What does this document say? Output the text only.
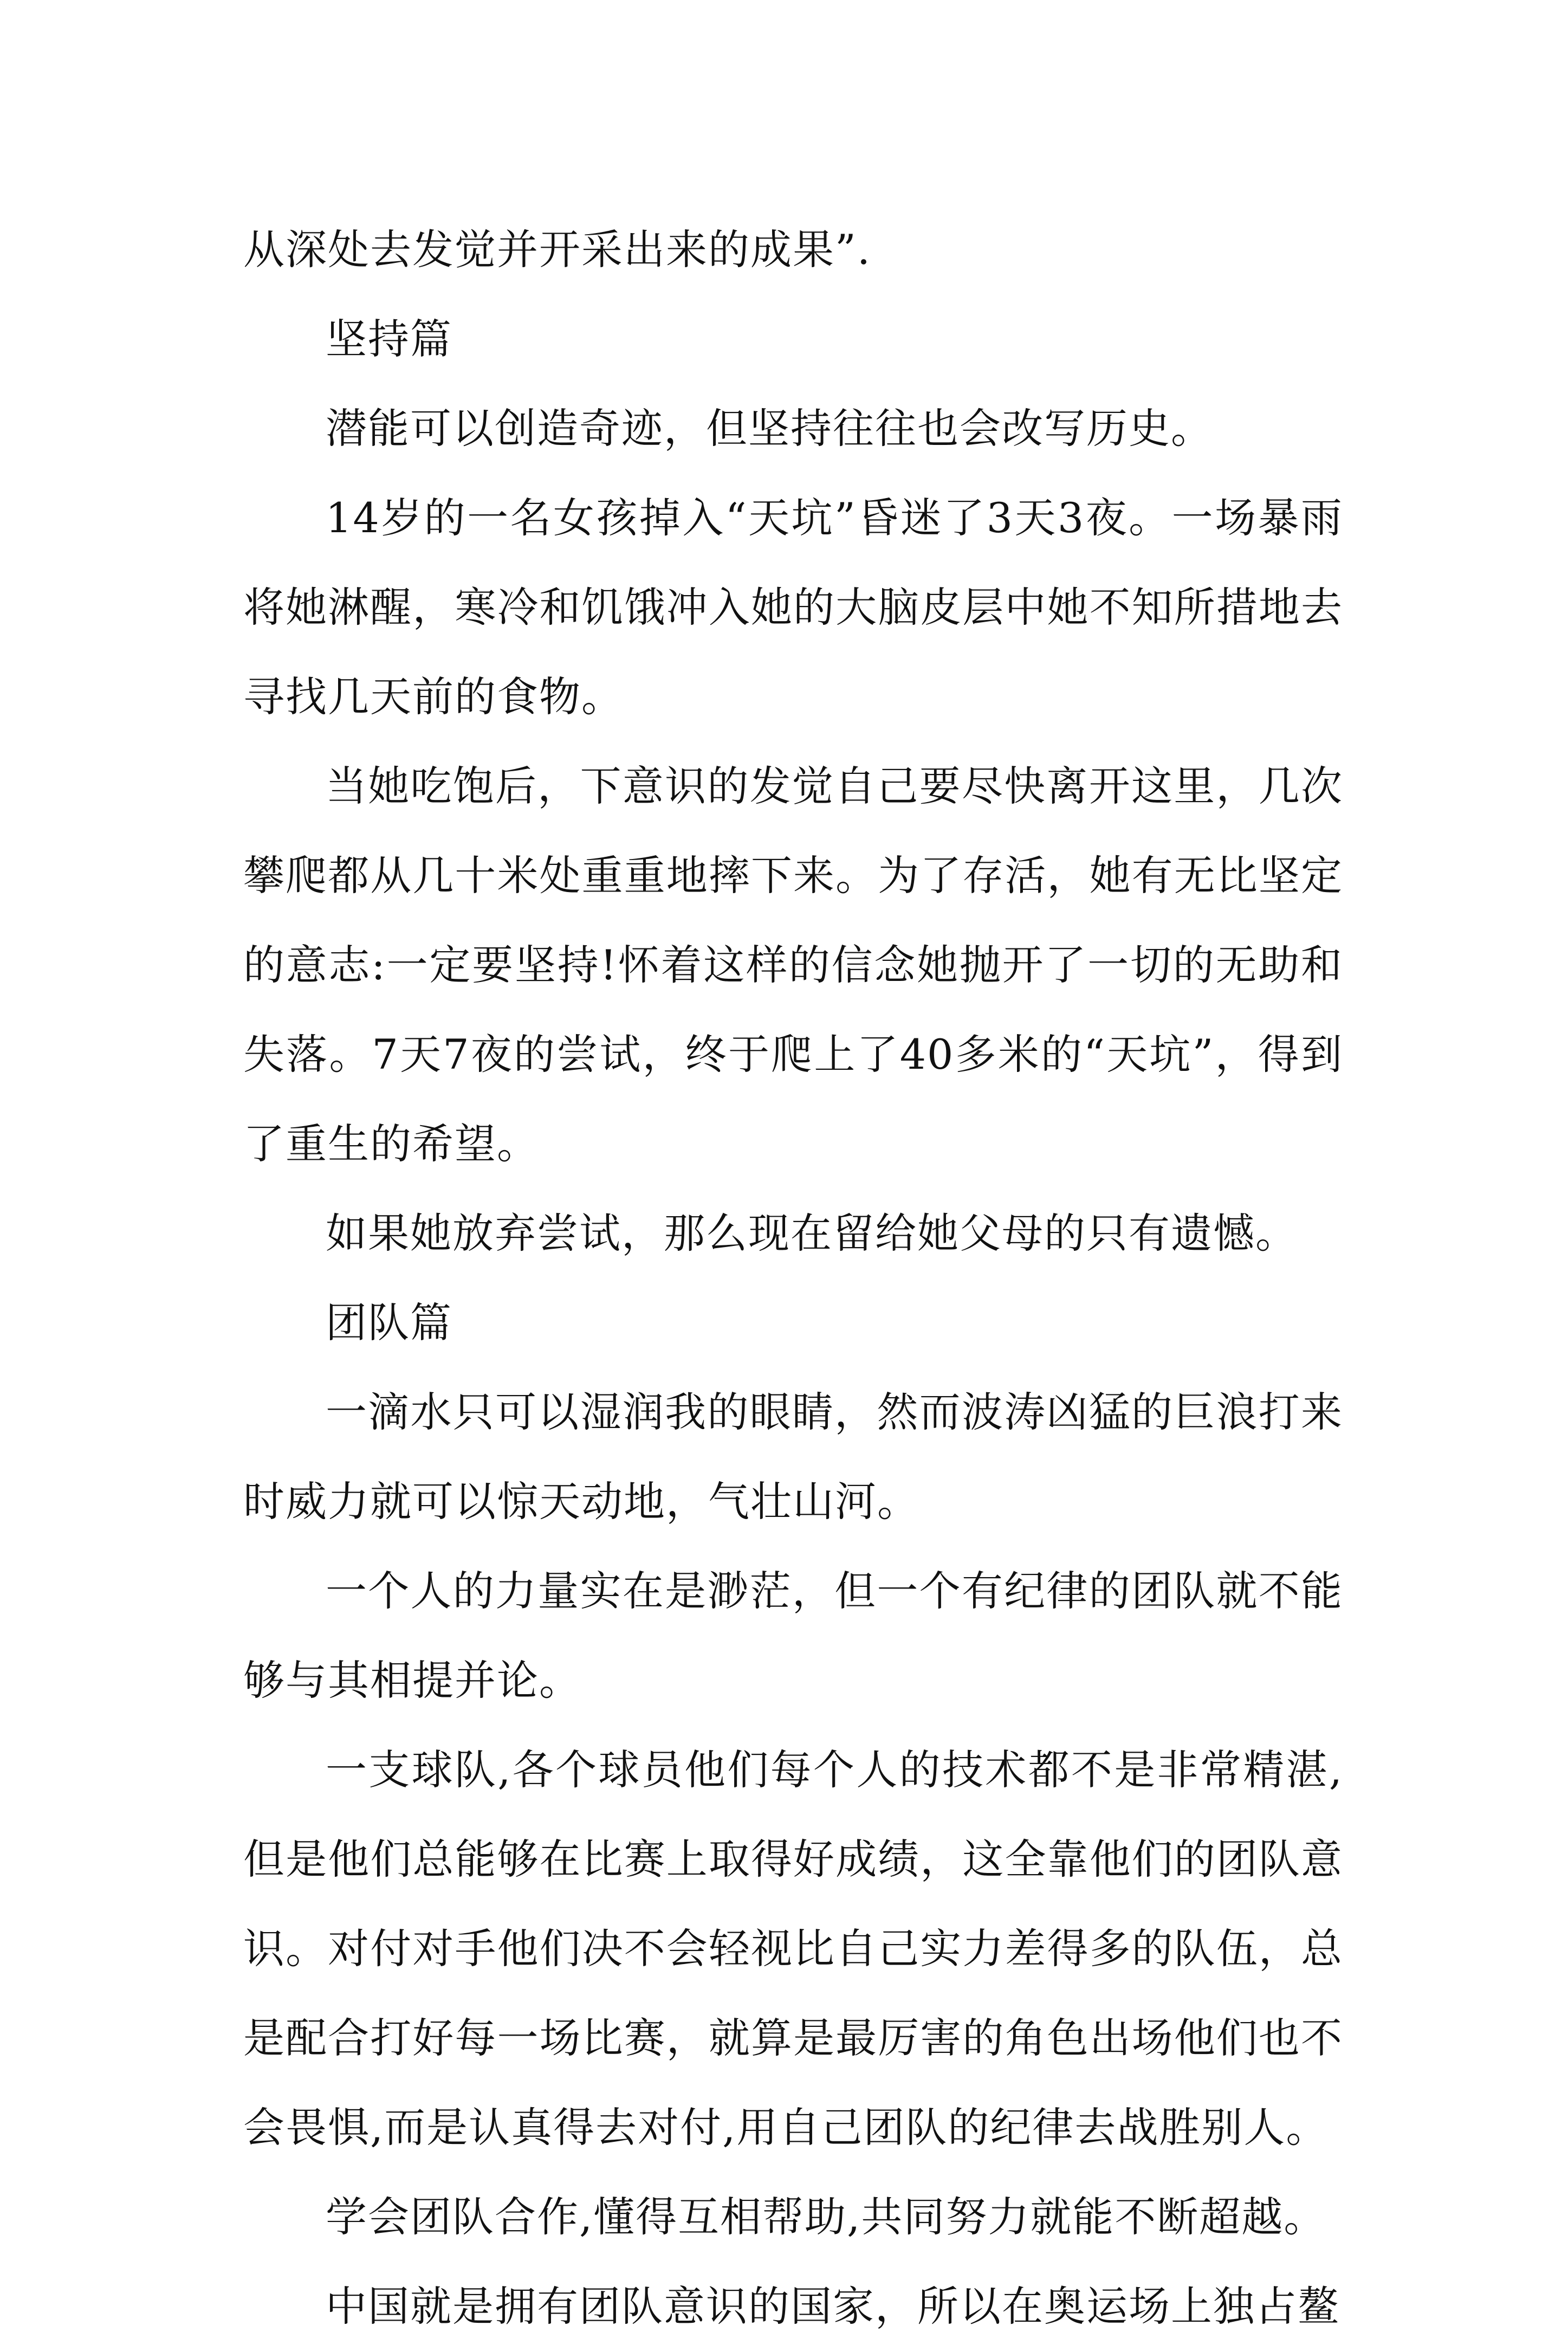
从深处去发觉并开采出来的成果”.

坚持篇

潜能可以创造奇迹，但坚持往往也会改写历史。

14岁的一名女孩掉入“天坑”昏迷了3天3夜。一场暴雨将她淋醒，寒冷和饥饿冲入她的大脑皮层中她不知所措地去寻找几天前的食物。

当她吃饱后，下意识的发觉自己要尽快离开这里，几次攀爬都从几十米处重重地摔下来。为了存活，她有无比坚定的意志:一定要坚持!怀着这样的信念她抛开了一切的无助和失落。7天7夜的尝试，终于爬上了40多米的“天坑”，得到了重生的希望。

如果她放弃尝试，那么现在留给她父母的只有遗憾。

团队篇

一滴水只可以湿润我的眼睛，然而波涛凶猛的巨浪打来时威力就可以惊天动地，气壮山河。

一个人的力量实在是渺茫，但一个有纪律的团队就不能够与其相提并论。

一支球队,各个球员他们每个人的技术都不是非常精湛,但是他们总能够在比赛上取得好成绩，这全靠他们的团队意识。对付对手他们决不会轻视比自己实力差得多的队伍，总是配合打好每一场比赛，就算是最厉害的角色出场他们也不会畏惧,而是认真得去对付,用自己团队的纪律去战胜别人。

学会团队合作,懂得互相帮助,共同努力就能不断超越。

中国就是拥有团队意识的国家，所以在奥运场上独占鳌
